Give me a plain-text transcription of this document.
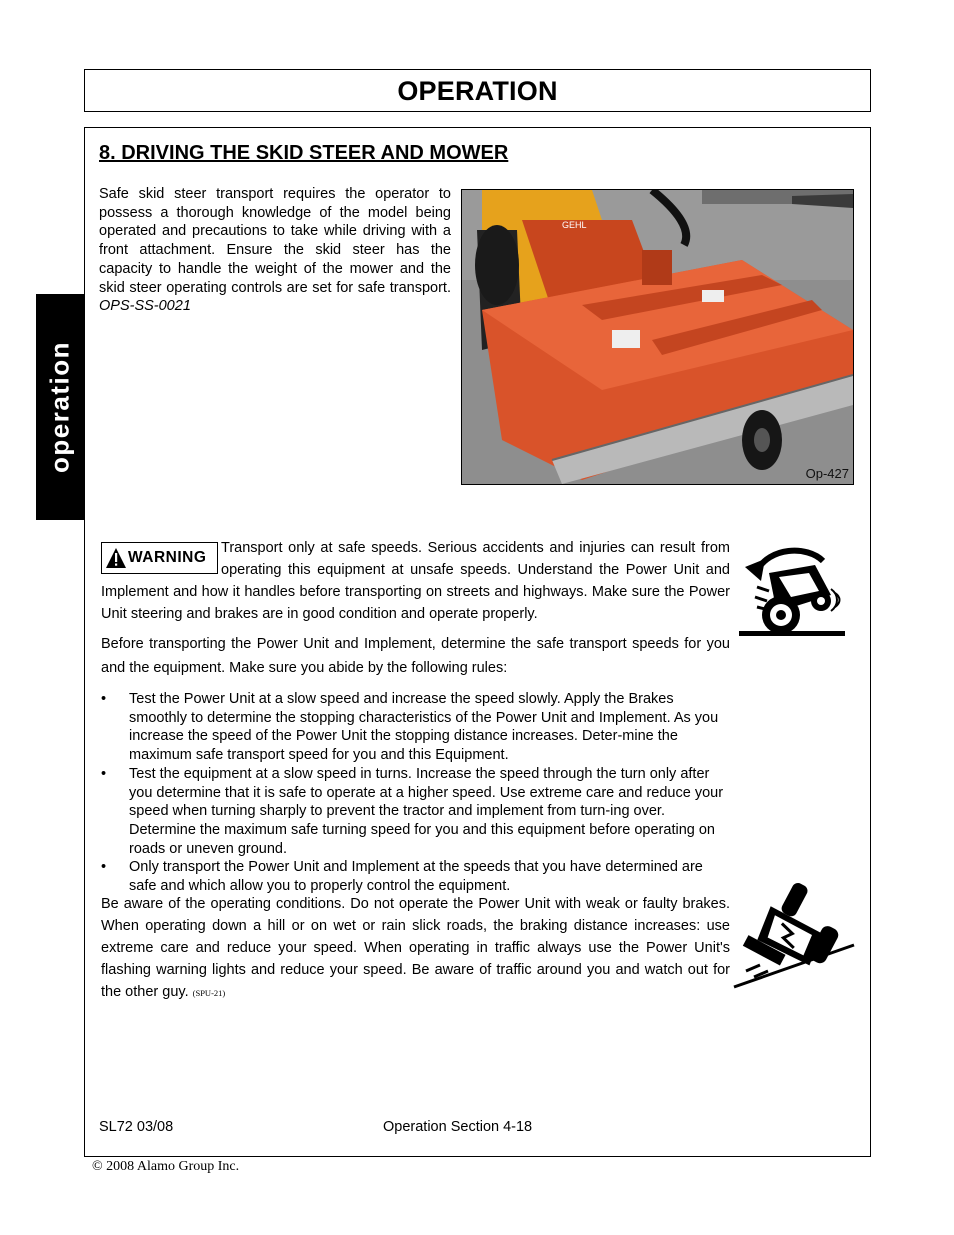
OPERATION
operation
8. DRIVING THE SKID STEER AND MOWER
Safe skid steer transport requires the operator to possess a thorough knowledge of the model being operated and precautions to take while driving with a front attachment. Ensure the skid steer has the capacity to handle the weight of the mower and the skid steer operating controls are set for safe transport. OPS-SS-0021
GEHL
Op-427
WARNING
Transport only at safe speeds. Serious accidents and injuries can result from operating this equipment at unsafe speeds. Understand the Power Unit and Implement and how it handles before transporting on streets and highways. Make sure the Power Unit steering and brakes are in good condition and operate properly.
Before transporting the Power Unit and Implement, determine the safe transport speeds for you and the equipment. Make sure you abide by the following rules:
• Test the Power Unit at a slow speed and increase the speed slowly. Apply the Brakes smoothly to determine the stopping characteristics of the Power Unit and Implement. As you increase the speed of the Power Unit the stopping distance increases. Deter-mine the maximum safe transport speed for you and this Equipment.
• Test the equipment at a slow speed in turns. Increase the speed through the turn only after you determine that it is safe to operate at a higher speed. Use extreme care and reduce your speed when turning sharply to prevent the tractor and implement from turn-ing over. Determine the maximum safe turning speed for you and this equipment before operating on roads or uneven ground.
• Only transport the Power Unit and Implement at the speeds that you have determined are safe and which allow you to properly control the equipment.
Be aware of the operating conditions. Do not operate the Power Unit with weak or faulty brakes. When operating down a hill or on wet or rain slick roads, the braking distance increases: use extreme care and reduce your speed. When operating in traffic always use the Power Unit's flashing warning lights and reduce your speed. Be aware of traffic around you and watch out for the other guy. (SPU-21)
SL72 03/08	Operation Section 4-18
© 2008 Alamo Group Inc.
